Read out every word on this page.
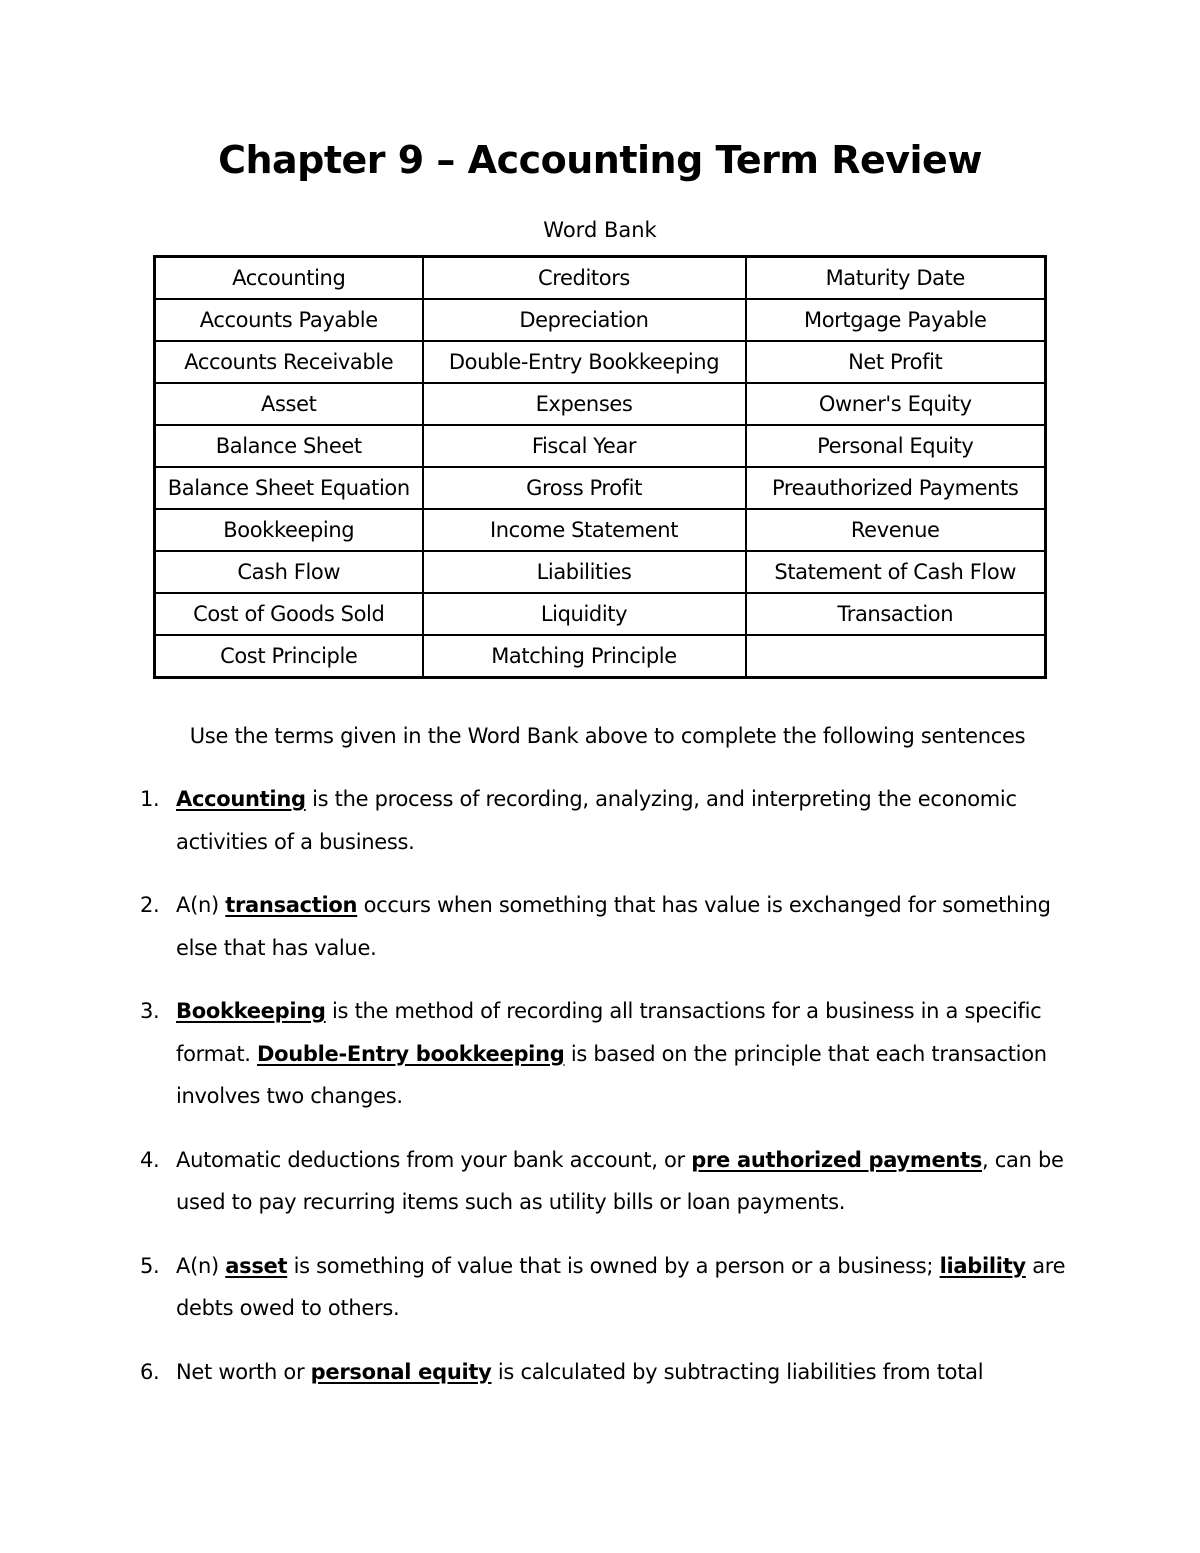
Chapter 9 – Accounting Term Review
Word Bank
Accounting	Creditors	Maturity Date
Accounts Payable	Depreciation	Mortgage Payable
Accounts Receivable	Double-Entry Bookkeeping	Net Profit
Asset	Expenses	Owner's Equity
Balance Sheet	Fiscal Year	Personal Equity
Balance Sheet Equation	Gross Profit	Preauthorized Payments
Bookkeeping	Income Statement	Revenue
Cash Flow	Liabilities	Statement of Cash Flow
Cost of Goods Sold	Liquidity	Transaction
Cost Principle	Matching Principle	
Use the terms given in the Word Bank above to complete the following sentences
1. Accounting is the process of recording, analyzing, and interpreting the economic activities of a business.
2. A(n) transaction occurs when something that has value is exchanged for something else that has value.
3. Bookkeeping is the method of recording all transactions for a business in a specific format. Double-Entry bookkeeping is based on the principle that each transaction involves two changes.
4. Automatic deductions from your bank account, or pre authorized payments, can be used to pay recurring items such as utility bills or loan payments.
5. A(n) asset is something of value that is owned by a person or a business; liability are debts owed to others.
6. Net worth or personal equity is calculated by subtracting liabilities from total
